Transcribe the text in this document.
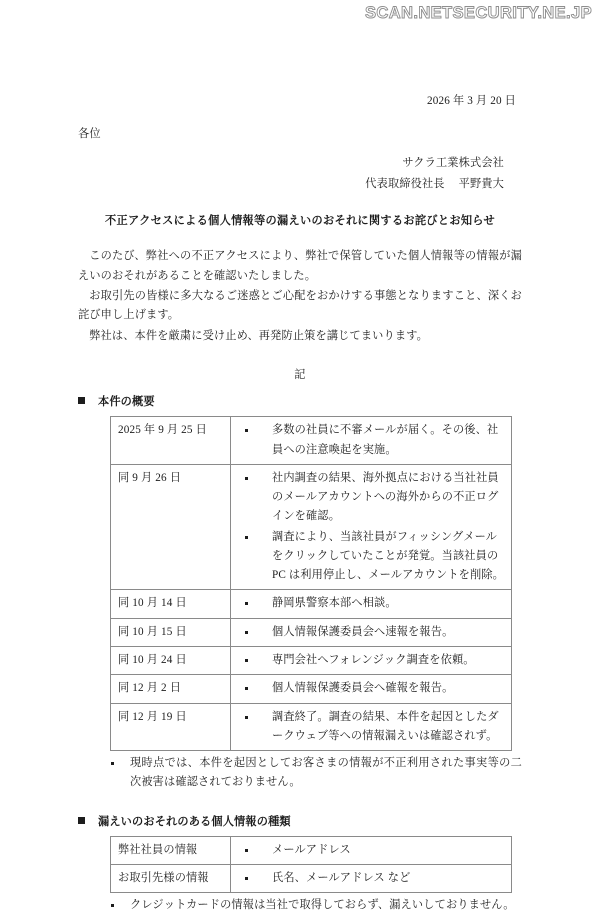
SCAN.NETSECURITY.NE.JP
2026 年 3 月 20 日
各位
サクラ工業株式会社
代表取締役社長 平野貴大
不正アクセスによる個人情報等の漏えいのおそれに関するお詫びとお知らせ

このたび、弊社への不正アクセスにより、弊社で保管していた個人情報等の情報が漏えいのおそれがあることを確認いたしました。

お取引先の皆様に多大なるご迷惑とご心配をおかけする事態となりますこと、深くお詫び申し上げます。

弊社は、本件を厳粛に受け止め、再発防止策を講じてまいります。

記
本件の概要
2025 年 9 月 25 日	多数の社員に不審メールが届く。その後、社員への注意喚起を実施。

同 9 月 26 日	社内調査の結果、海外拠点における当社社員のメールアカウントへの海外からの不正ログインを確認。
調査により、当該社員がフィッシングメールをクリックしていたことが発覚。当該社員の PC は利用停止し、メールアカウントを削除。

同 10 月 14 日	静岡県警察本部へ相談。

同 10 月 15 日	個人情報保護委員会へ速報を報告。

同 10 月 24 日	専門会社へフォレンジック調査を依頼。

同 12 月 2 日	個人情報保護委員会へ確報を報告。

同 12 月 19 日	調査終了。調査の結果、本件を起因としたダークウェブ等への情報漏えいは確認されず。
現時点では、本件を起因としてお客さまの情報が不正利用された事実等の二次被害は確認されておりません。
漏えいのおそれのある個人情報の種類
弊社社員の情報	メールアドレス

お取引先様の情報	氏名、メールアドレス など
クレジットカードの情報は当社で取得しておらず、漏えいしておりません。
